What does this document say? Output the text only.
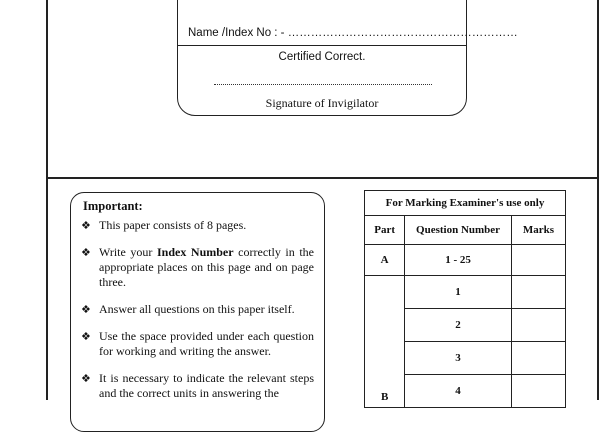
Name /Index No : - ……………………………………………………
Certified Correct.
Signature of Invigilator
Important:
❖ This paper consists of 8 pages.
❖ Write your Index Number correctly in the appropriate places on this page and on page three.
❖ Answer all questions on this paper itself.
❖ Use the space provided under each question for working and writing the answer.
❖ It is necessary to indicate the relevant steps and the correct units in answering the
For Marking Examiner's use only		
Part	Question Number	Marks
A	1 - 25	
B	1	
	2	
	3	
	4	
